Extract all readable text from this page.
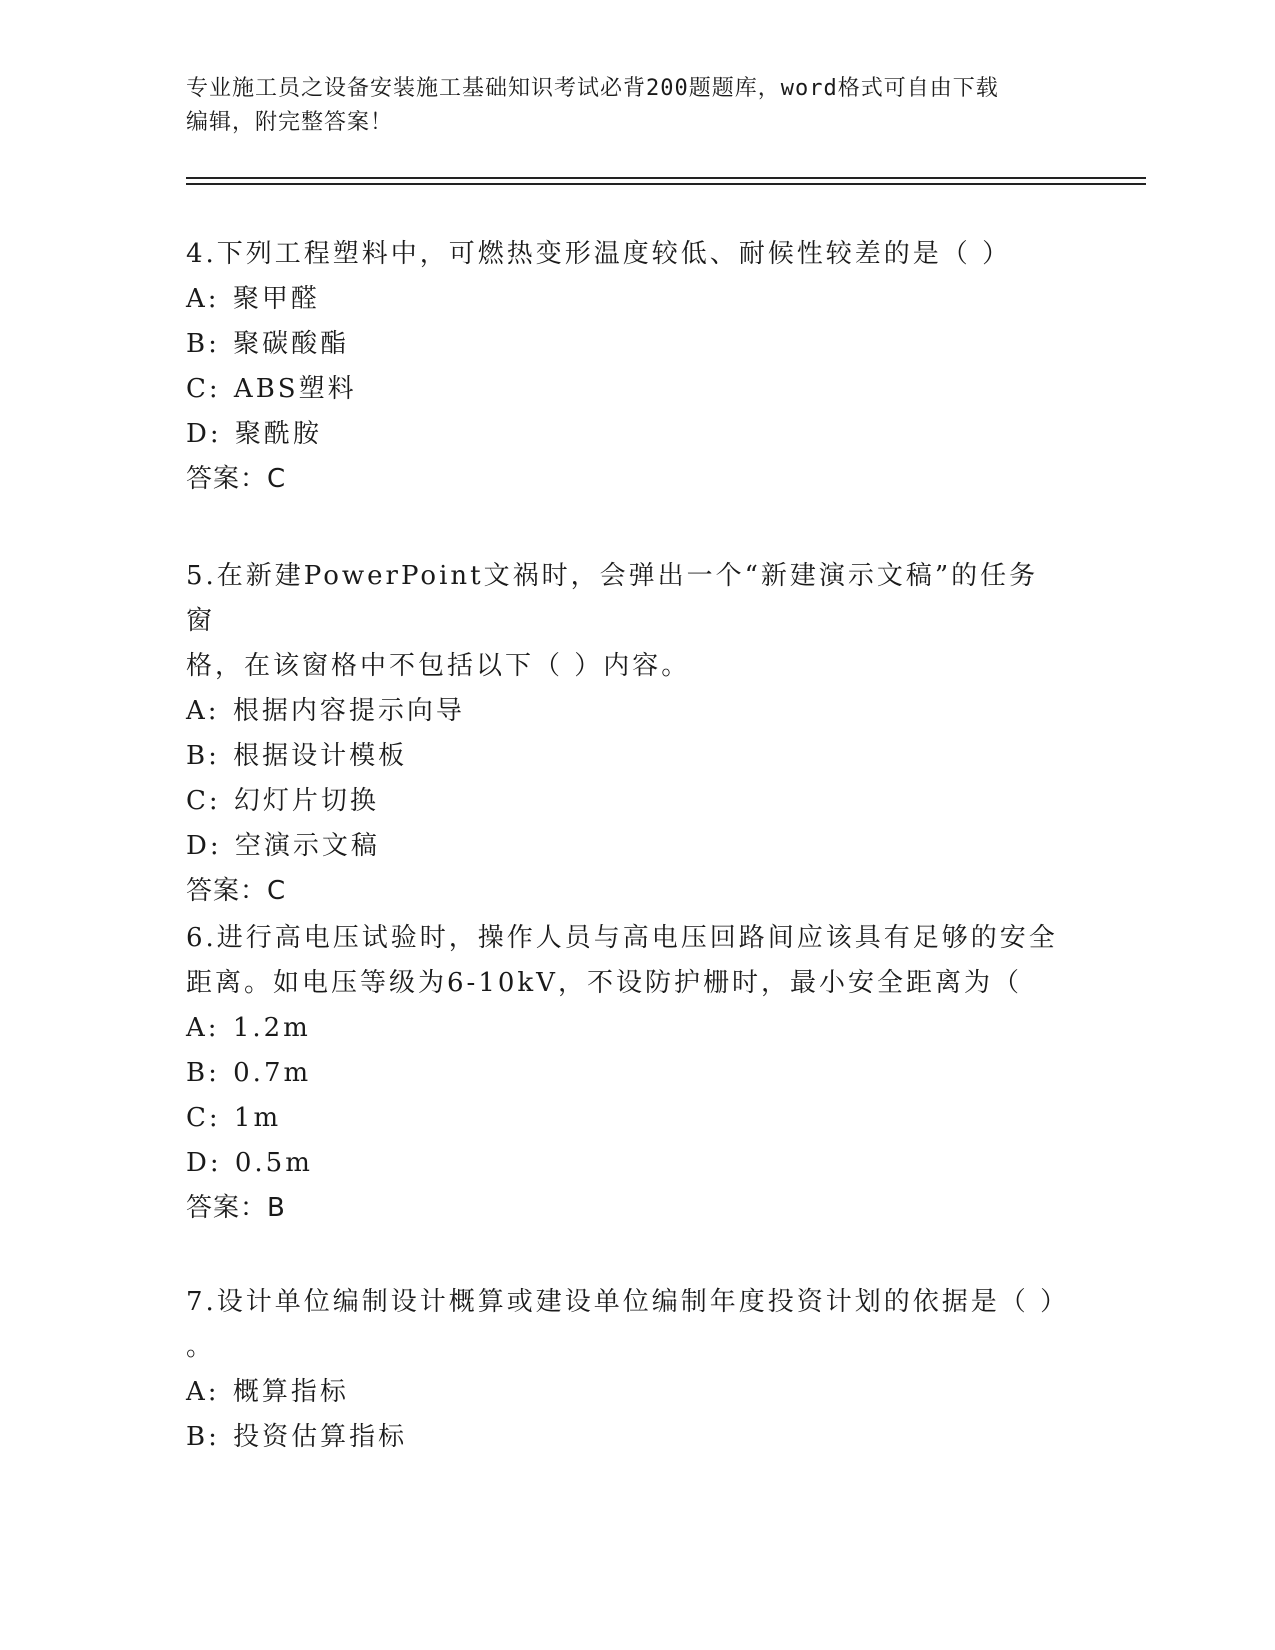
专业施工员之设备安装施工基础知识考试必背200题题库，word格式可自由下载
编辑，附完整答案！

4.下列工程塑料中，可燃热变形温度较低、耐候性较差的是（ ）

A: 聚甲醛

B: 聚碳酸酯

C: ABS塑料

D: 聚酰胺

答案：C

5.在新建PowerPoint文祸时，会弹出一个“新建演示文稿”的任务窗

格，在该窗格中不包括以下（ ）内容。

A: 根据内容提示向导

B: 根据设计模板

C: 幻灯片切换

D: 空演示文稿

答案：C

6.进行高电压试验时，操作人员与高电压回路间应该具有足够的安全

距离。如电压等级为6-10kV，不设防护栅时，最小安全距离为（

A: 1.2m

B: 0.7m

C: 1m

D: 0.5m

答案：B

7.设计单位编制设计概算或建设单位编制年度投资计划的依据是（ ）

。

A: 概算指标

B: 投资估算指标
